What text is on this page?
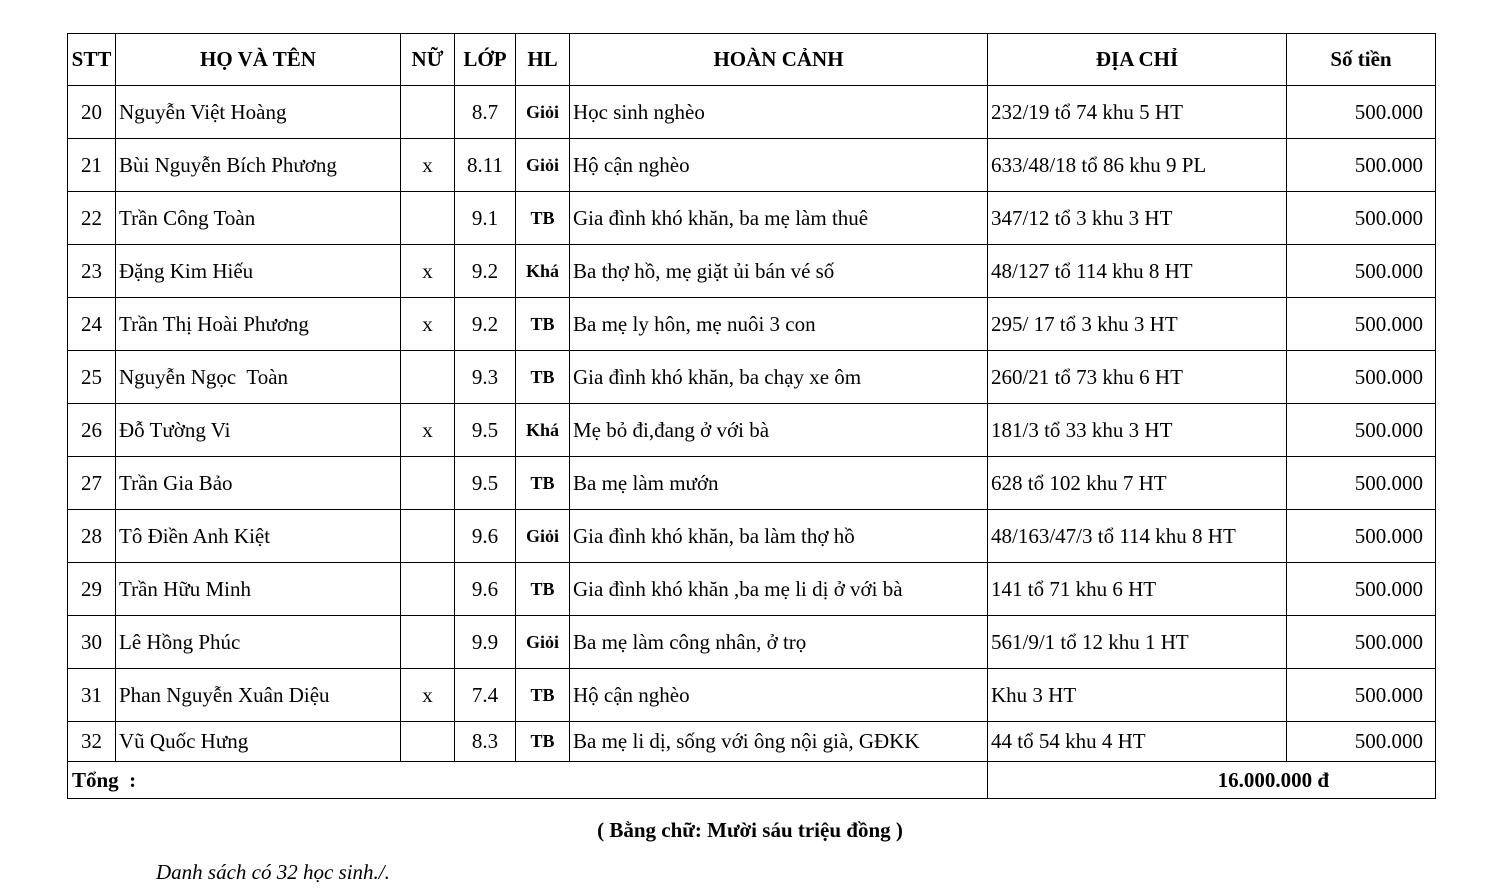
STT	HỌ VÀ TÊN	NỮ	LỚP	HL	HOÀN CẢNH	ĐỊA CHỈ	Số tiền
20	Nguyễn Việt Hoàng		8.7	Giỏi	Học sinh nghèo	232/19 tổ 74 khu 5 HT	500.000
21	Bùi Nguyễn Bích Phương	x	8.11	Giỏi	Hộ cận nghèo	633/48/18 tổ 86 khu 9 PL	500.000
22	Trần Công Toàn		9.1	TB	Gia đình khó khăn, ba mẹ làm thuê	347/12 tổ 3 khu 3 HT	500.000
23	Đặng Kim Hiếu	x	9.2	Khá	Ba thợ hồ, mẹ giặt ủi bán vé số	48/127 tổ 114 khu 8 HT	500.000
24	Trần Thị Hoài Phương	x	9.2	TB	Ba mẹ ly hôn, mẹ nuôi 3 con	295/ 17 tổ 3 khu 3 HT	500.000
25	Nguyễn Ngọc  Toàn		9.3	TB	Gia đình khó khăn, ba chạy xe ôm	260/21 tổ 73 khu 6 HT	500.000
26	Đỗ Tường Vi	x	9.5	Khá	Mẹ bỏ đi,đang ở với bà	181/3 tổ 33 khu 3 HT	500.000
27	Trần Gia Bảo		9.5	TB	Ba mẹ làm mướn	628 tổ 102 khu 7 HT	500.000
28	Tô Điền Anh Kiệt		9.6	Giỏi	Gia đình khó khăn, ba làm thợ hồ	48/163/47/3 tổ 114 khu 8 HT	500.000
29	Trần Hữu Minh		9.6	TB	Gia đình khó khăn ,ba mẹ li dị ở với bà	141 tổ 71 khu 6 HT	500.000
30	Lê Hồng Phúc		9.9	Giỏi	Ba mẹ làm công nhân, ở trọ	561/9/1 tổ 12 khu 1 HT	500.000
31	Phan Nguyễn Xuân Diệu	x	7.4	TB	Hộ cận nghèo	Khu 3 HT	500.000
32	Vũ Quốc Hưng		8.3	TB	Ba mẹ li dị, sống với ông nội già, GĐKK	44 tổ 54 khu 4 HT	500.000
Tổng  :						16.000.000 đ	
( Bằng chữ: Mười sáu triệu đồng )
Danh sách có 32 học sinh./.
